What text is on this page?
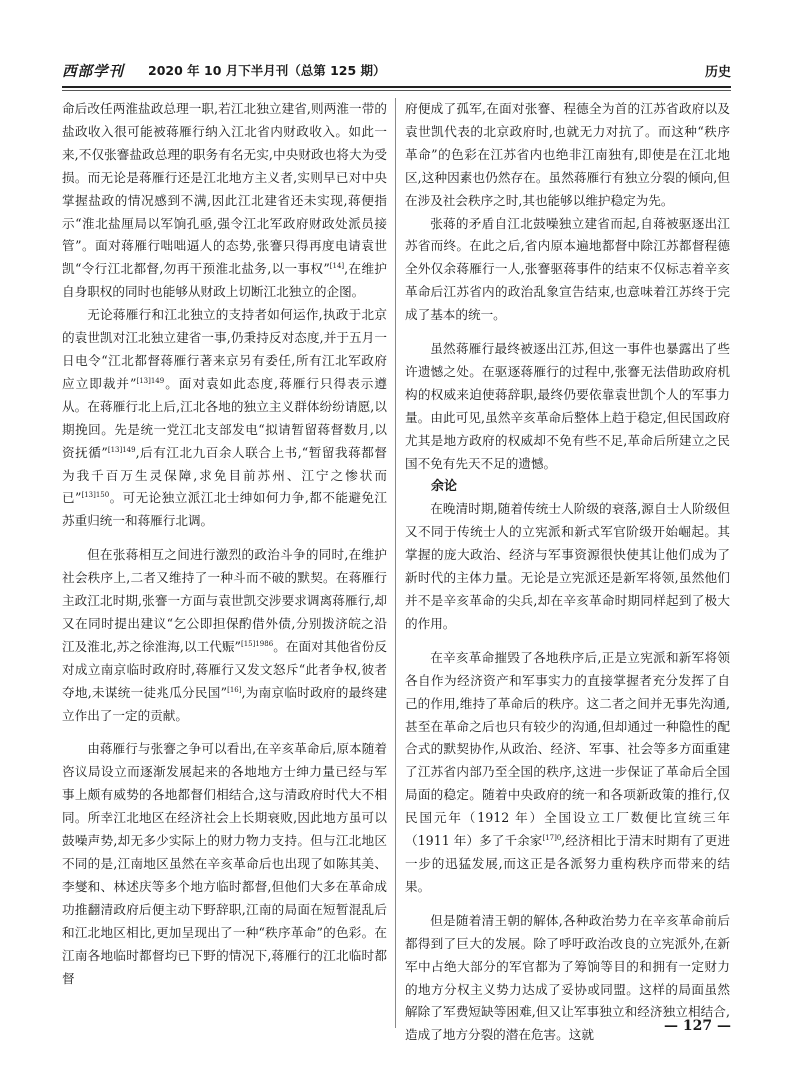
西部学刊 2020 年 10 月下半月刊（总第 125 期）	历史

命后改任两淮盐政总理一职,若江北独立建省,则两淮一带的盐政收入很可能被蒋雁行纳入江北省内财政收入。如此一来,不仅张謇盐政总理的职务有名无实,中央财政也将大为受损。而无论是蒋雁行还是江北地方主义者,实则早已对中央掌握盐政的情况感到不满,因此江北建省还未实现,蒋便指示“淮北盐厘局以军饷孔亟,强令江北军政府财政处派员接管”。面对蒋雁行咄咄逼人的态势,张謇只得再度电请袁世凯“令行江北都督,勿再干预淮北盐务,以一事权”[14],在维护自身职权的同时也能够从财政上切断江北独立的企图。

无论蒋雁行和江北独立的支持者如何运作,执政于北京的袁世凯对江北独立建省一事,仍秉持反对态度,并于五月一日电令“江北都督蒋雁行著来京另有委任,所有江北军政府应立即裁并”$^{[13]149}$。面对袁如此态度,蒋雁行只得表示遵从。在蒋雁行北上后,江北各地的独立主义群体纷纷请愿,以期挽回。先是统一党江北支部发电“拟请暂留蒋督数月,以资抚循”$^{[13]149}$,后有江北九百余人联合上书,“暂留我蒋都督为我千百万生灵保障,求免目前苏州、江宁之惨状而已”$^{[13]150}$。可无论独立派江北士绅如何力争,都不能避免江苏重归统一和蒋雁行北调。

但在张蒋相互之间进行激烈的政治斗争的同时,在维护社会秩序上,二者又维持了一种斗而不破的默契。在蒋雁行主政江北时期,张謇一方面与袁世凯交涉要求调离蒋雁行,却又在同时提出建议“乞公即担保酌借外债,分别拨济皖之沿江及淮北,苏之徐淮海,以工代赈”$^{[15]1986}$。在面对其他省份反对成立南京临时政府时,蒋雁行又发文怒斥“此者争权,彼者夺地,未谋统一徒兆瓜分民国”[16],为南京临时政府的最终建立作出了一定的贡献。

由蒋雁行与张謇之争可以看出,在辛亥革命后,原本随着咨议局设立而逐渐发展起来的各地地方士绅力量已经与军事上颇有威势的各地都督们相结合,这与清政府时代大不相同。所幸江北地区在经济社会上长期衰败,因此地方虽可以鼓噪声势,却无多少实际上的财力物力支持。但与江北地区不同的是,江南地区虽然在辛亥革命后也出现了如陈其美、李燮和、林述庆等多个地方临时都督,但他们大多在革命成功推翻清政府后便主动下野辞职,江南的局面在短暂混乱后和江北地区相比,更加呈现出了一种“秩序革命”的色彩。在江南各地临时都督均已下野的情况下,蒋雁行的江北临时都督

府便成了孤军,在面对张謇、程德全为首的江苏省政府以及袁世凯代表的北京政府时,也就无力对抗了。而这种“秩序革命”的色彩在江苏省内也绝非江南独有,即使是在江北地区,这种因素也仍然存在。虽然蒋雁行有独立分裂的倾向,但在涉及社会秩序之时,其也能够以维护稳定为先。

张蒋的矛盾自江北鼓噪独立建省而起,自蒋被驱逐出江苏省而终。在此之后,省内原本遍地都督中除江苏都督程德全外仅余蒋雁行一人,张謇驱蒋事件的结束不仅标志着辛亥革命后江苏省内的政治乱象宣告结束,也意味着江苏终于完成了基本的统一。

虽然蒋雁行最终被逐出江苏,但这一事件也暴露出了些许遗憾之处。在驱逐蒋雁行的过程中,张謇无法借助政府机构的权威来迫使蒋辞职,最终仍要依靠袁世凯个人的军事力量。由此可见,虽然辛亥革命后整体上趋于稳定,但民国政府尤其是地方政府的权威却不免有些不足,革命后所建立之民国不免有先天不足的遗憾。

余论

在晚清时期,随着传统士人阶级的衰落,源自士人阶级但又不同于传统士人的立宪派和新式军官阶级开始崛起。其掌握的庞大政治、经济与军事资源很快使其让他们成为了新时代的主体力量。无论是立宪派还是新军将领,虽然他们并不是辛亥革命的尖兵,却在辛亥革命时期同样起到了极大的作用。

在辛亥革命摧毁了各地秩序后,正是立宪派和新军将领各自作为经济资产和军事实力的直接掌握者充分发挥了自己的作用,维持了革命后的秩序。这二者之间并无事先沟通,甚至在革命之后也只有较少的沟通,但却通过一种隐性的配合式的默契协作,从政治、经济、军事、社会等多方面重建了江苏省内部乃至全国的秩序,这进一步保证了革命后全国局面的稳定。随着中央政府的统一和各项新政策的推行,仅民国元年（1912 年）全国设立工厂数便比宣统三年（1911 年）多了千余家$^{[17]0}$,经济相比于清末时期有了更进一步的迅猛发展,而这正是各派努力重构秩序而带来的结果。

但是随着清王朝的解体,各种政治势力在辛亥革命前后都得到了巨大的发展。除了呼吁政治改良的立宪派外,在新军中占绝大部分的军官都为了筹饷等目的和拥有一定财力的地方分权主义势力达成了妥协或同盟。这样的局面虽然解除了军费短缺等困难,但又让军事独立和经济独立相结合,造成了地方分裂的潜在危害。这就

— 127 —
